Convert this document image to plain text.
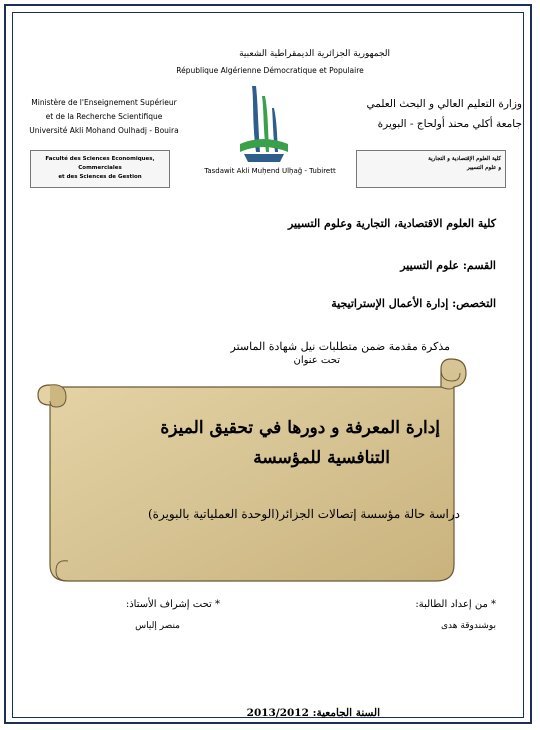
الجمهورية الجزائرية الديمقراطية الشعبية
République Algérienne Démocratique et Populaire
Ministère de l'Enseignement Supérieur
et de la Recherche Scientifique
Université Akli Mohand Oulhadj - Bouira
وزارة التعليم العالي و البحث العلمي
جامعة أكلي محند أولحاج - البويرة
Tasdawit Akli Muḥend Ulḥağ - Tubirett
Faculté des Sciences Economiques, Commerciales
et des Sciences de Gestion
كلية العلوم الإقتصادية و التجارية
و علوم التسيير
كلية العلوم الاقتصادية، التجارية وعلوم التسيير
القسم: علوم التسيير
التخصص: إدارة الأعمال الإستراتيجية
مذكرة مقدمة ضمن متطلبات نيل شهادة الماستر
تحت عنوان
إدارة المعرفة و دورها في تحقيق الميزة
التنافسية للمؤسسة
دراسة حالة مؤسسة إتصالات الجزائر(الوحدة العملياتية بالبويرة)
* من إعداد الطالبة:
بوشندوقة هدى
* تحت إشراف الأستاذ:
منصر إلياس
السنة الجامعية: 2013/2012
